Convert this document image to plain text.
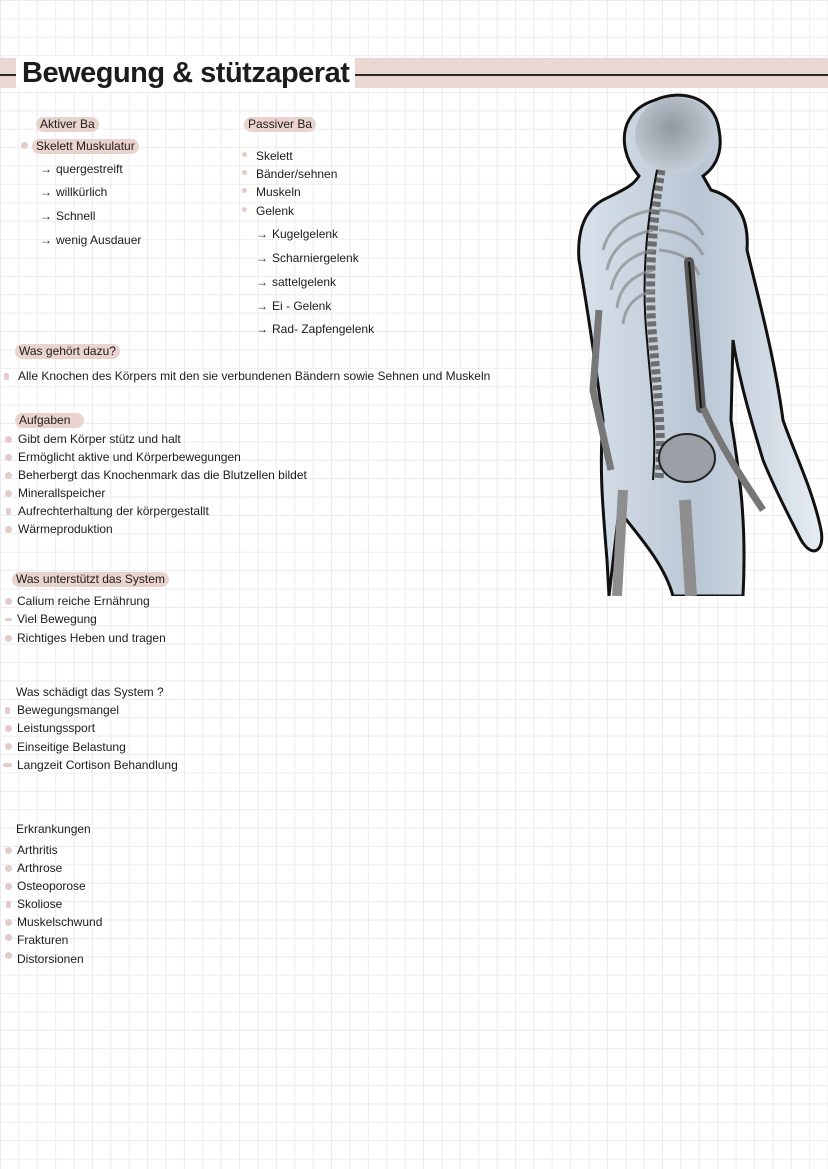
Bewegung & stützaperat
Aktiver Ba
Skelett Muskulatur
→ quergestreift
→ willkürlich
→ Schnell
→ wenig Ausdauer
Passiver Ba
Skelett
Bänder/sehnen
Muskeln
Gelenk
→ Kugelgelenk
→ Scharniergelenk
→ sattelgelenk
→ Ei - Gelenk
→ Rad- Zapfengelenk
Was gehört dazu?
Alle Knochen des Körpers mit den sie verbundenen Bändern sowie Sehnen und Muskeln
Aufgaben
Gibt dem Körper stütz und halt
Ermöglicht aktive und Körperbewegungen
Beherbergt das Knochenmark das die Blutzellen bildet
Minerallspeicher
Aufrechterhaltung der körpergestallt
Wärmeproduktion
Was unterstützt das System
Calium reiche Ernährung
Viel Bewegung
Richtiges Heben und tragen
Was schädigt das System ?
Bewegungsmangel
Leistungssport
Einseitige Belastung
Langzeit Cortison Behandlung
Erkrankungen
Arthritis
Arthrose
Osteoporose
Skoliose
Muskelschwund
Frakturen
Distorsionen
